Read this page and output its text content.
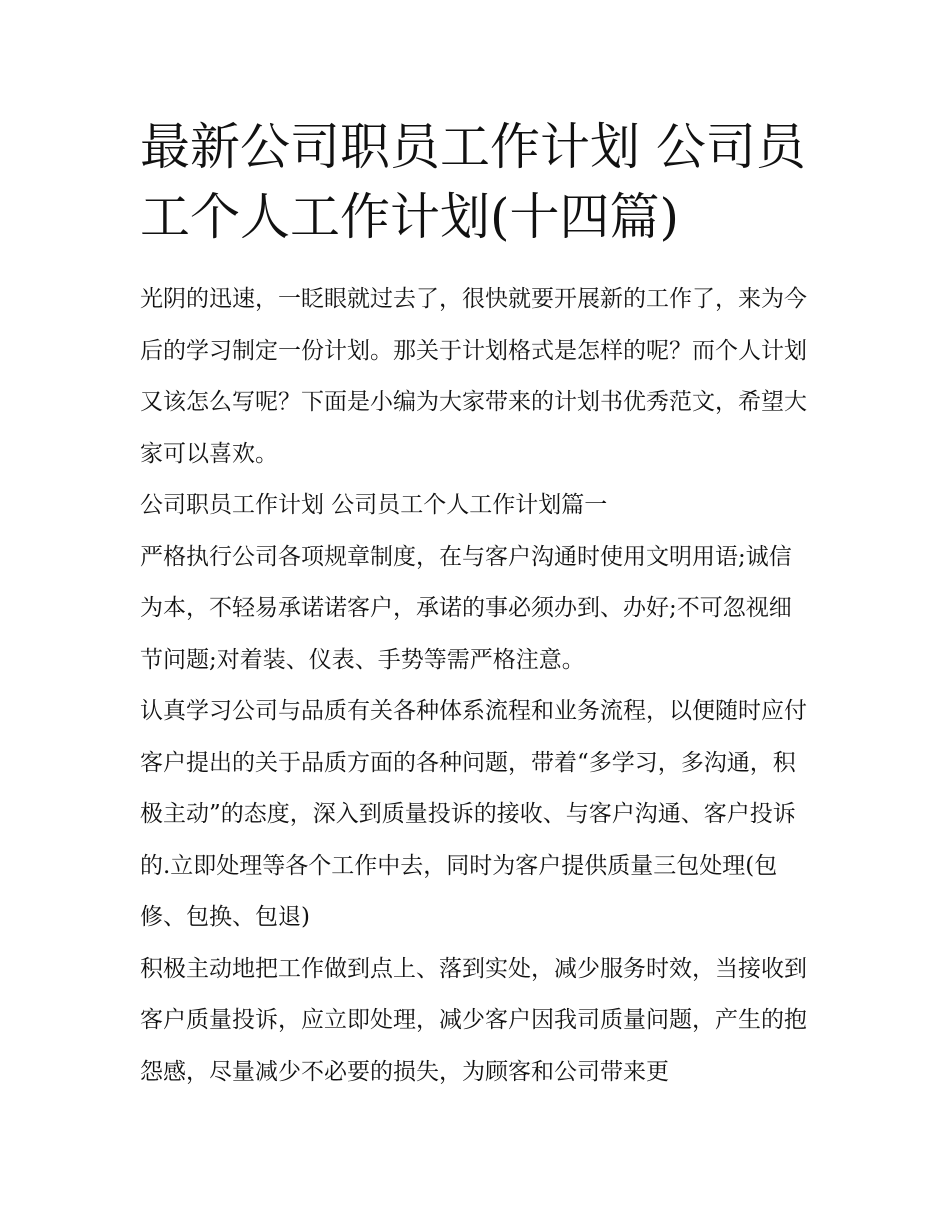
最新公司职员工作计划 公司员工个人工作计划(十四篇)

光阴的迅速，一眨眼就过去了，很快就要开展新的工作了，来为今后的学习制定一份计划。那关于计划格式是怎样的呢？而个人计划又该怎么写呢？下面是小编为大家带来的计划书优秀范文，希望大家可以喜欢。

公司职员工作计划 公司员工个人工作计划篇一

严格执行公司各项规章制度，在与客户沟通时使用文明用语;诚信为本，不轻易承诺诺客户，承诺的事必须办到、办好;不可忽视细节问题;对着装、仪表、手势等需严格注意。

认真学习公司与品质有关各种体系流程和业务流程，以便随时应付客户提出的关于品质方面的各种问题，带着“多学习，多沟通，积极主动”的态度，深入到质量投诉的接收、与客户沟通、客户投诉的.立即处理等各个工作中去，同时为客户提供质量三包处理(包修、包换、包退)

积极主动地把工作做到点上、落到实处，减少服务时效，当接收到客户质量投诉，应立即处理，减少客户因我司质量问题，产生的抱怨感，尽量减少不必要的损失，为顾客和公司带来更
